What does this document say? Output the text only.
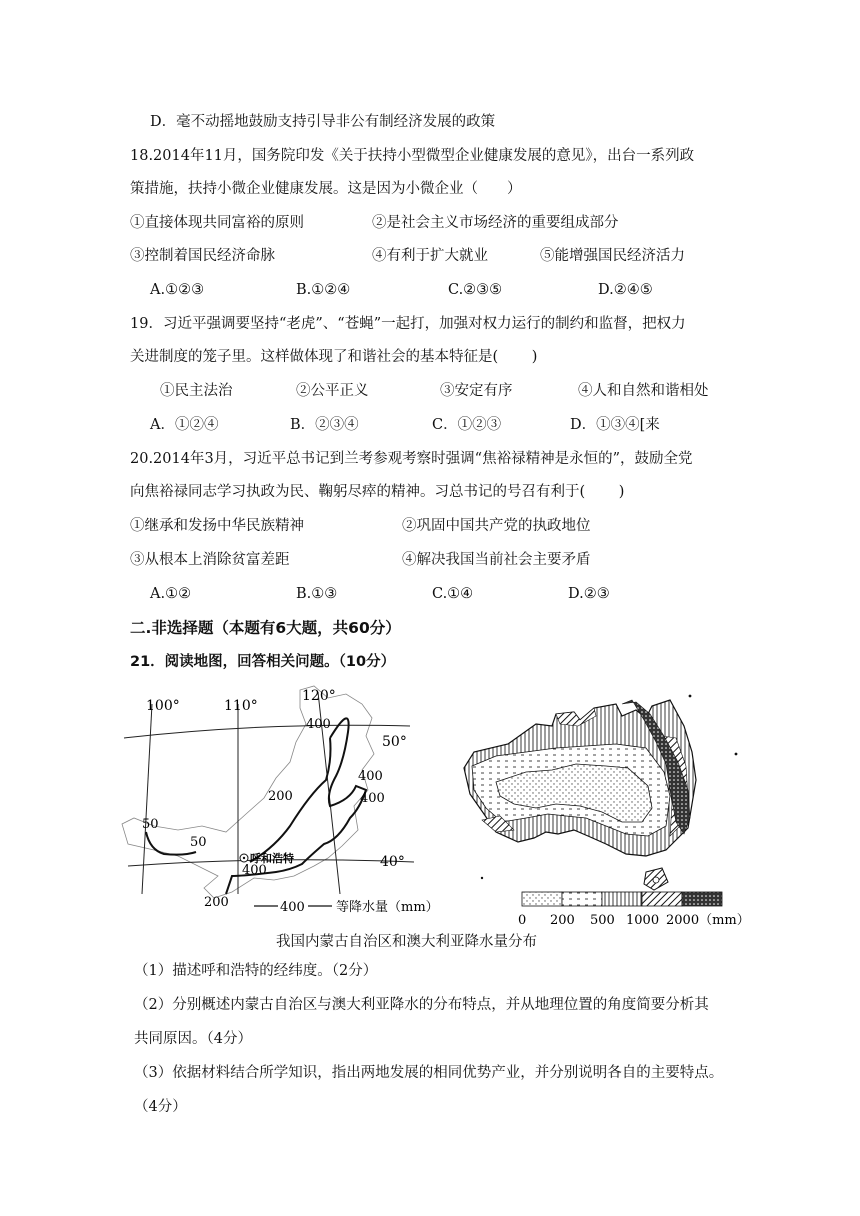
D．毫不动摇地鼓励支持引导非公有制经济发展的政策
18.2014年11月，国务院印发《关于扶持小型微型企业健康发展的意见》，出台一系列政
策措施，扶持小微企业健康发展。这是因为小微企业（　　）
①直接体现共同富裕的原则	②是社会主义市场经济的重要组成部分
③控制着国民经济命脉	④有利于扩大就业	⑤能增强国民经济活力
A.①②③	B.①②④	C.②③⑤	D.②④⑤
19．习近平强调要坚持“老虎”、“苍蝇”一起打，加强对权力运行的制约和监督，把权力
关进制度的笼子里。这样做体现了和谐社会的基本特征是(　　 )
①民主法治	②公平正义	③安定有序	④人和自然和谐相处
A．①②④	B．②③④	C．①②③	D．①③④[来
20.2014年3月，习近平总书记到兰考参观考察时强调“焦裕禄精神是永恒的”，鼓励全党
向焦裕禄同志学习执政为民、鞠躬尽瘁的精神。习总书记的号召有利于(　　 )
①继承和发扬中华民族精神	②巩固中国共产党的执政地位
③从根本上消除贫富差距	④解决我国当前社会主要矛盾
A.①②	B.①③	C.①④	D.②③
二.非选择题（本题有6大题，共60分）
21．阅读地图，回答相关问题。（10分）
100°	110°
120°
50°
40°
400
400
400
200
50
50
400
200
呼和浩特
400 等降水量（mm）
0 200 500 1000 2000（mm）
我国内蒙古自治区和澳大利亚降水量分布
（1）描述呼和浩特的经纬度。（2分）
（2）分别概述内蒙古自治区与澳大利亚降水的分布特点，并从地理位置的角度简要分析其
共同原因。（4分）
（3）依据材料结合所学知识，指出两地发展的相同优势产业，并分别说明各自的主要特点。
（4分）
